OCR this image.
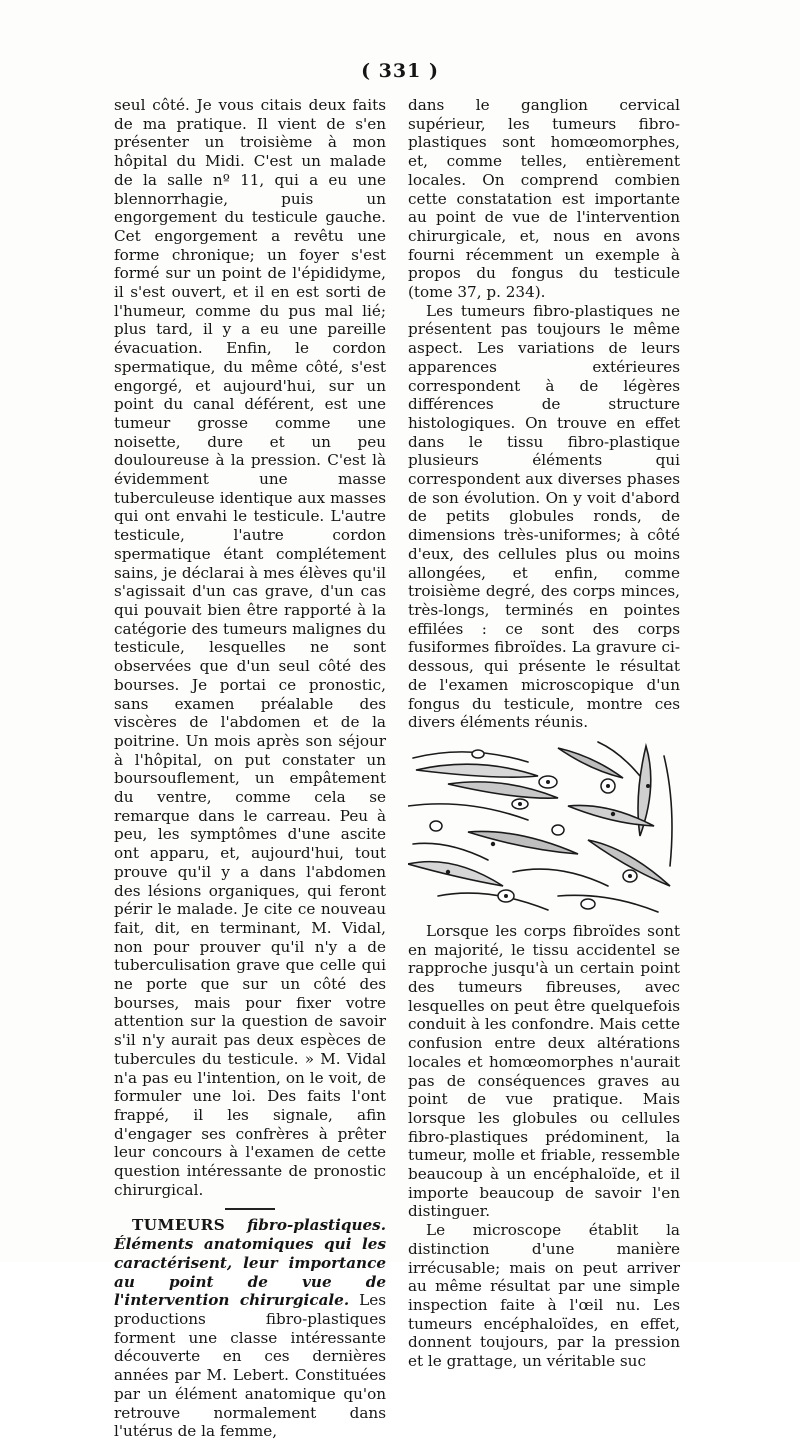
( 331 )

seul côté. Je vous citais deux faits de ma pratique. Il vient de s'en présenter un troisième à mon hôpital du Midi. C'est un malade de la salle nº 11, qui a eu une blennorrhagie, puis un engorgement du testicule gauche. Cet engorgement a revêtu une forme chronique; un foyer s'est formé sur un point de l'épididyme, il s'est ouvert, et il en est sorti de l'humeur, comme du pus mal lié; plus tard, il y a eu une pareille évacuation. Enfin, le cordon spermatique, du même côté, s'est engorgé, et aujourd'hui, sur un point du canal déférent, est une tumeur grosse comme une noisette, dure et un peu douloureuse à la pression. C'est là évidemment une masse tuberculeuse identique aux masses qui ont envahi le testicule. L'autre testicule, l'autre cordon spermatique étant complétement sains, je déclarai à mes élèves qu'il s'agissait d'un cas grave, d'un cas qui pouvait bien être rapporté à la catégorie des tumeurs malignes du testicule, lesquelles ne sont observées que d'un seul côté des bourses. Je portai ce pronostic, sans examen préalable des viscères de l'abdomen et de la poitrine. Un mois après son séjour à l'hôpital, on put constater un boursouflement, un empâtement du ventre, comme cela se remarque dans le carreau. Peu à peu, les symptômes d'une ascite ont apparu, et, aujourd'hui, tout prouve qu'il y a dans l'abdomen des lésions organiques, qui feront périr le malade. Je cite ce nouveau fait, dit, en terminant, M. Vidal, non pour prouver qu'il n'y a de tuberculisation grave que celle qui ne porte que sur un côté des bourses, mais pour fixer votre attention sur la question de savoir s'il n'y aurait pas deux espèces de tubercules du testicule. » M. Vidal n'a pas eu l'intention, on le voit, de formuler une loi. Des faits l'ont frappé, il les signale, afin d'engager ses confrères à prêter leur concours à l'examen de cette question intéressante de pronostic chirurgical.

TUMEURS fibro-plastiques. Éléments anatomiques qui les caractérisent, leur importance au point de vue de l'intervention chirurgicale. Les productions fibro-plastiques forment une classe intéressante découverte en ces dernières années par M. Lebert. Constituées par un élément anatomique qu'on retrouve normalement dans l'utérus de la femme,

dans le ganglion cervical supérieur, les tumeurs fibro-plastiques sont homœomorphes, et, comme telles, entièrement locales. On comprend combien cette constatation est importante au point de vue de l'intervention chirurgicale, et, nous en avons fourni récemment un exemple à propos du fongus du testicule (tome 37, p. 234).

Les tumeurs fibro-plastiques ne présentent pas toujours le même aspect. Les variations de leurs apparences extérieures correspondent à de légères différences de structure histologiques. On trouve en effet dans le tissu fibro-plastique plusieurs éléments qui correspondent aux diverses phases de son évolution. On y voit d'abord de petits globules ronds, de dimensions très-uniformes; à côté d'eux, des cellules plus ou moins allongées, et enfin, comme troisième degré, des corps minces, très-longs, terminés en pointes effilées : ce sont des corps fusiformes fibroïdes. La gravure ci-dessous, qui présente le résultat de l'examen microscopique d'un fongus du testicule, montre ces divers éléments réunis.

Lorsque les corps fibroïdes sont en majorité, le tissu accidentel se rapproche jusqu'à un certain point des tumeurs fibreuses, avec lesquelles on peut être quelquefois conduit à les confondre. Mais cette confusion entre deux altérations locales et homœomorphes n'aurait pas de conséquences graves au point de vue pratique. Mais lorsque les globules ou cellules fibro-plastiques prédominent, la tumeur, molle et friable, ressemble beaucoup à un encéphaloïde, et il importe beaucoup de savoir l'en distinguer.

Le microscope établit la distinction d'une manière irrécusable; mais on peut arriver au même résultat par une simple inspection faite à l'œil nu. Les tumeurs encéphaloïdes, en effet, donnent toujours, par la pression et le grattage, un véritable suc
